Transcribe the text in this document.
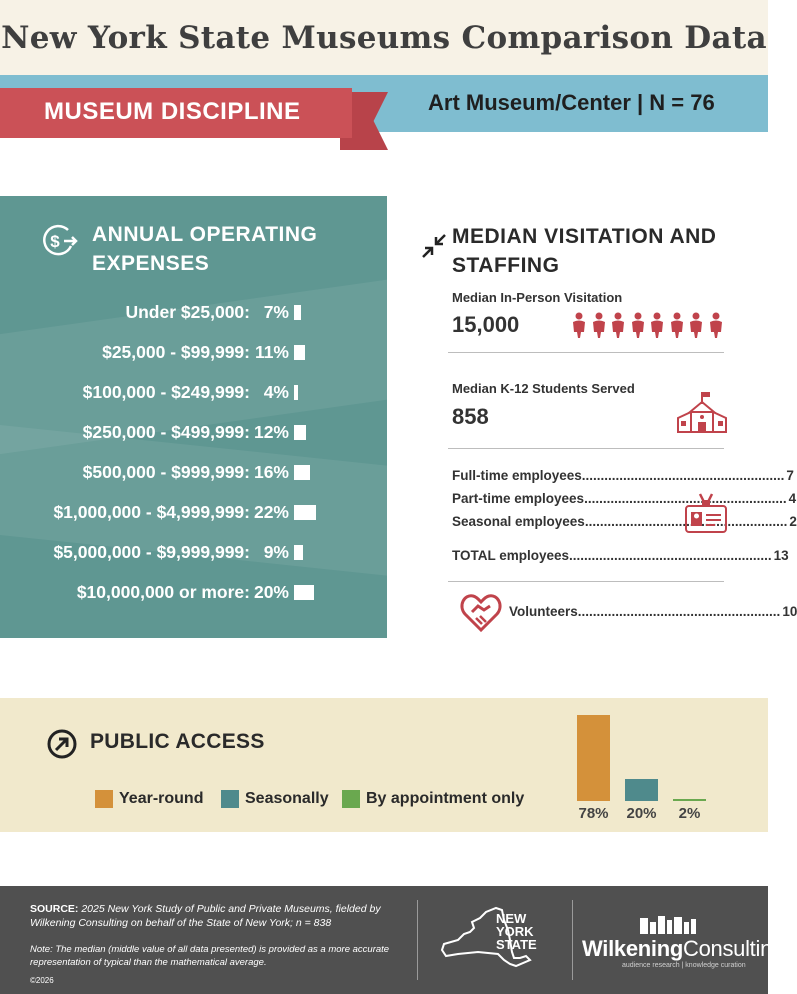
New York State Museums Comparison Data
MUSEUM DISCIPLINE	Art Museum/Center | N = 76
$ ANNUAL OPERATING EXPENSES
Under $25,000: 7%
$25,000 - $99,999: 11%
$100,000 - $249,999: 4%
$250,000 - $499,999: 12%
$500,000 - $999,999: 16%
$1,000,000 - $4,999,999: 22%
$5,000,000 - $9,999,999: 9%
$10,000,000 or more: 20%
MEDIAN VISITATION AND STAFFING
Median In-Person Visitation
15,000
Median K-12 Students Served
858
Full-time employees .....	7
Part-time employees .....	4
Seasonal employees .....	2
TOTAL employees .....	13
Volunteers .....	10
PUBLIC ACCESS
Year-round	Seasonally By appointment only
78%	20%	2%
SOURCE: 2025 New York Study of Public and Private Museums, fielded by Wilkening Consulting on behalf of the State of New York; n = 838
Note: The median (middle value of all data presented) is provided as a more accurate representation of typical than the mathematical average.
©2026
NEW
YORK
STATE WilkeningConsulting
audience research | knowledge curation
